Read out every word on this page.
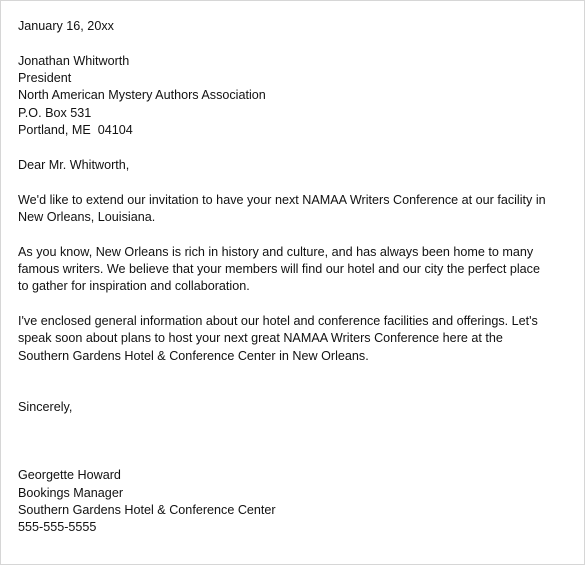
January 16, 20xx
Jonathan Whitworth
President
North American Mystery Authors Association
P.O. Box 531
Portland, ME  04104
Dear Mr. Whitworth,
We'd like to extend our invitation to have your next NAMAA Writers Conference at our facility in
New Orleans, Louisiana.
As you know, New Orleans is rich in history and culture, and has always been home to many
famous writers. We believe that your members will find our hotel and our city the perfect place
to gather for inspiration and collaboration.
I've enclosed general information about our hotel and conference facilities and offerings. Let's
speak soon about plans to host your next great NAMAA Writers Conference here at the
Southern Gardens Hotel & Conference Center in New Orleans.
Sincerely,
Georgette Howard
Bookings Manager
Southern Gardens Hotel & Conference Center
555-555-5555
